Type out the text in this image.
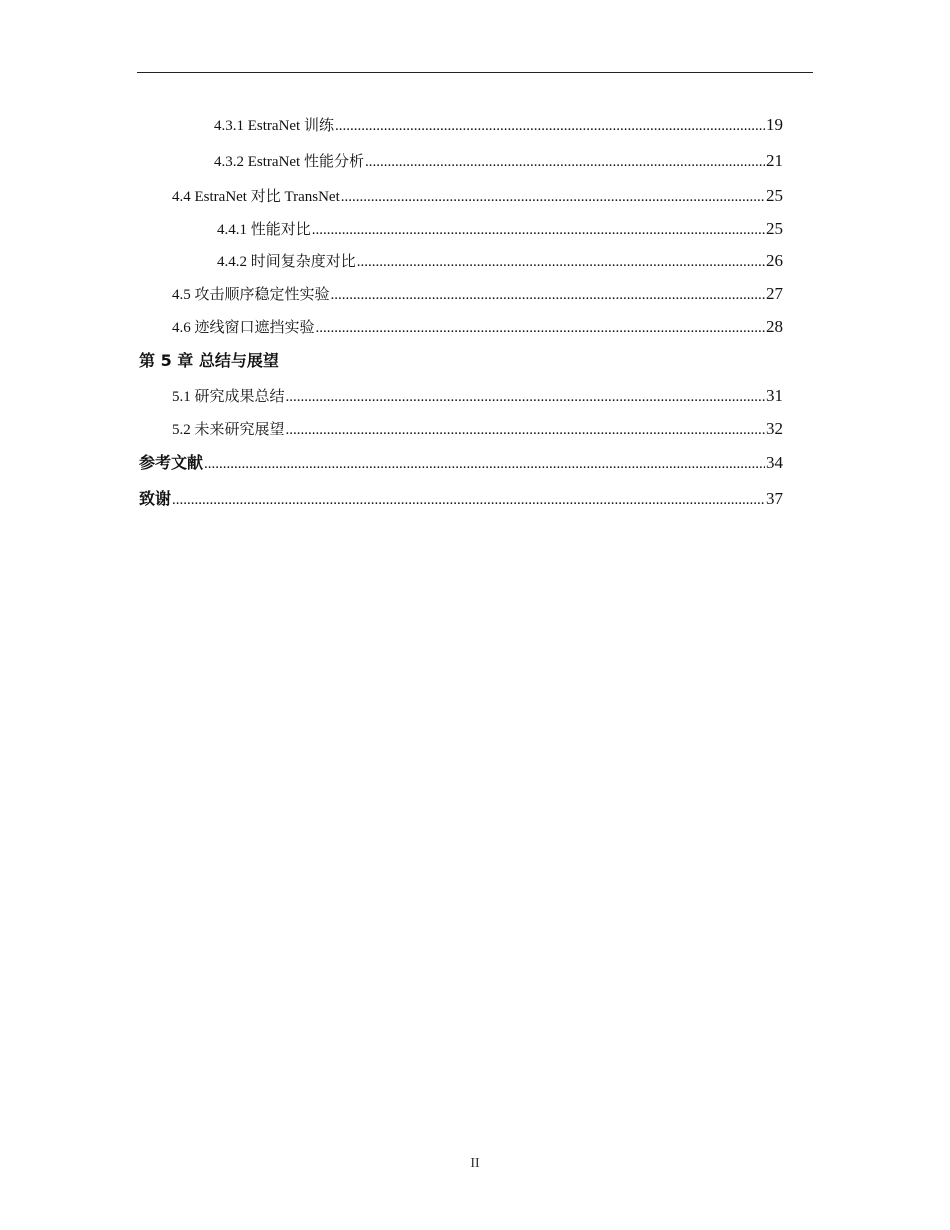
4.3.1 EstraNet 训练 .....	19
4.3.2 EstraNet 性能分析 .....	21
4.4 EstraNet 对比 TransNet .....	25
4.4.1 性能对比 .....	25
4.4.2 时间复杂度对比 .....	26
4.5 攻击顺序稳定性实验 .....	27
4.6 迹线窗口遮挡实验 .....	28
第 5 章 总结与展望
5.1 研究成果总结 .....	31
5.2 未来研究展望 .....	32
参考文献 .....	34
致谢 .....	37
II
